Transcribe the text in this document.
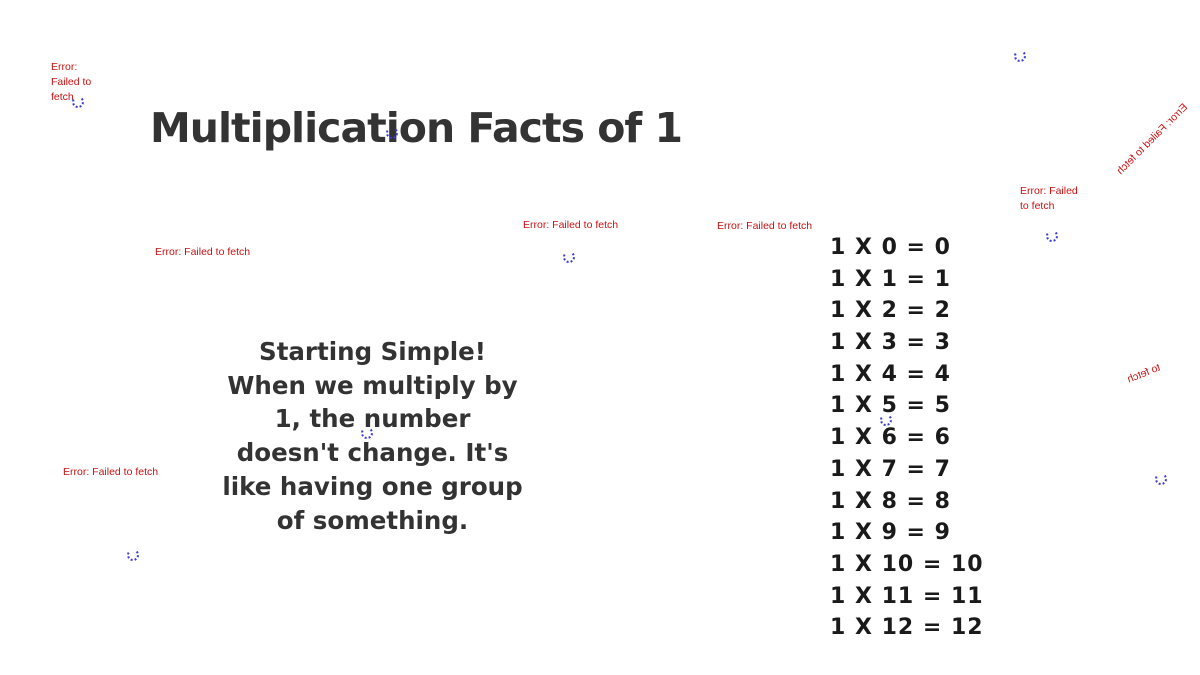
Multiplication Facts of 1

Starting Simple! When we multiply by 1, the number doesn't change. It's like having one group of something.

1 X 0 = 0
1 X 1 = 1
1 X 2 = 2
1 X 3 = 3
1 X 4 = 4
1 X 5 = 5
1 X 6 = 6
1 X 7 = 7
1 X 8 = 8
1 X 9 = 9
1 X 10 = 10
1 X 11 = 11
1 X 12 = 12
Error: Failed to fetch
Error: Failed to fetch
Error: Failed to fetch	Error: Failed to fetch
Error: Failed to fetch
Error: Failed to fetch
Error: Failed to fetch
to fetch
